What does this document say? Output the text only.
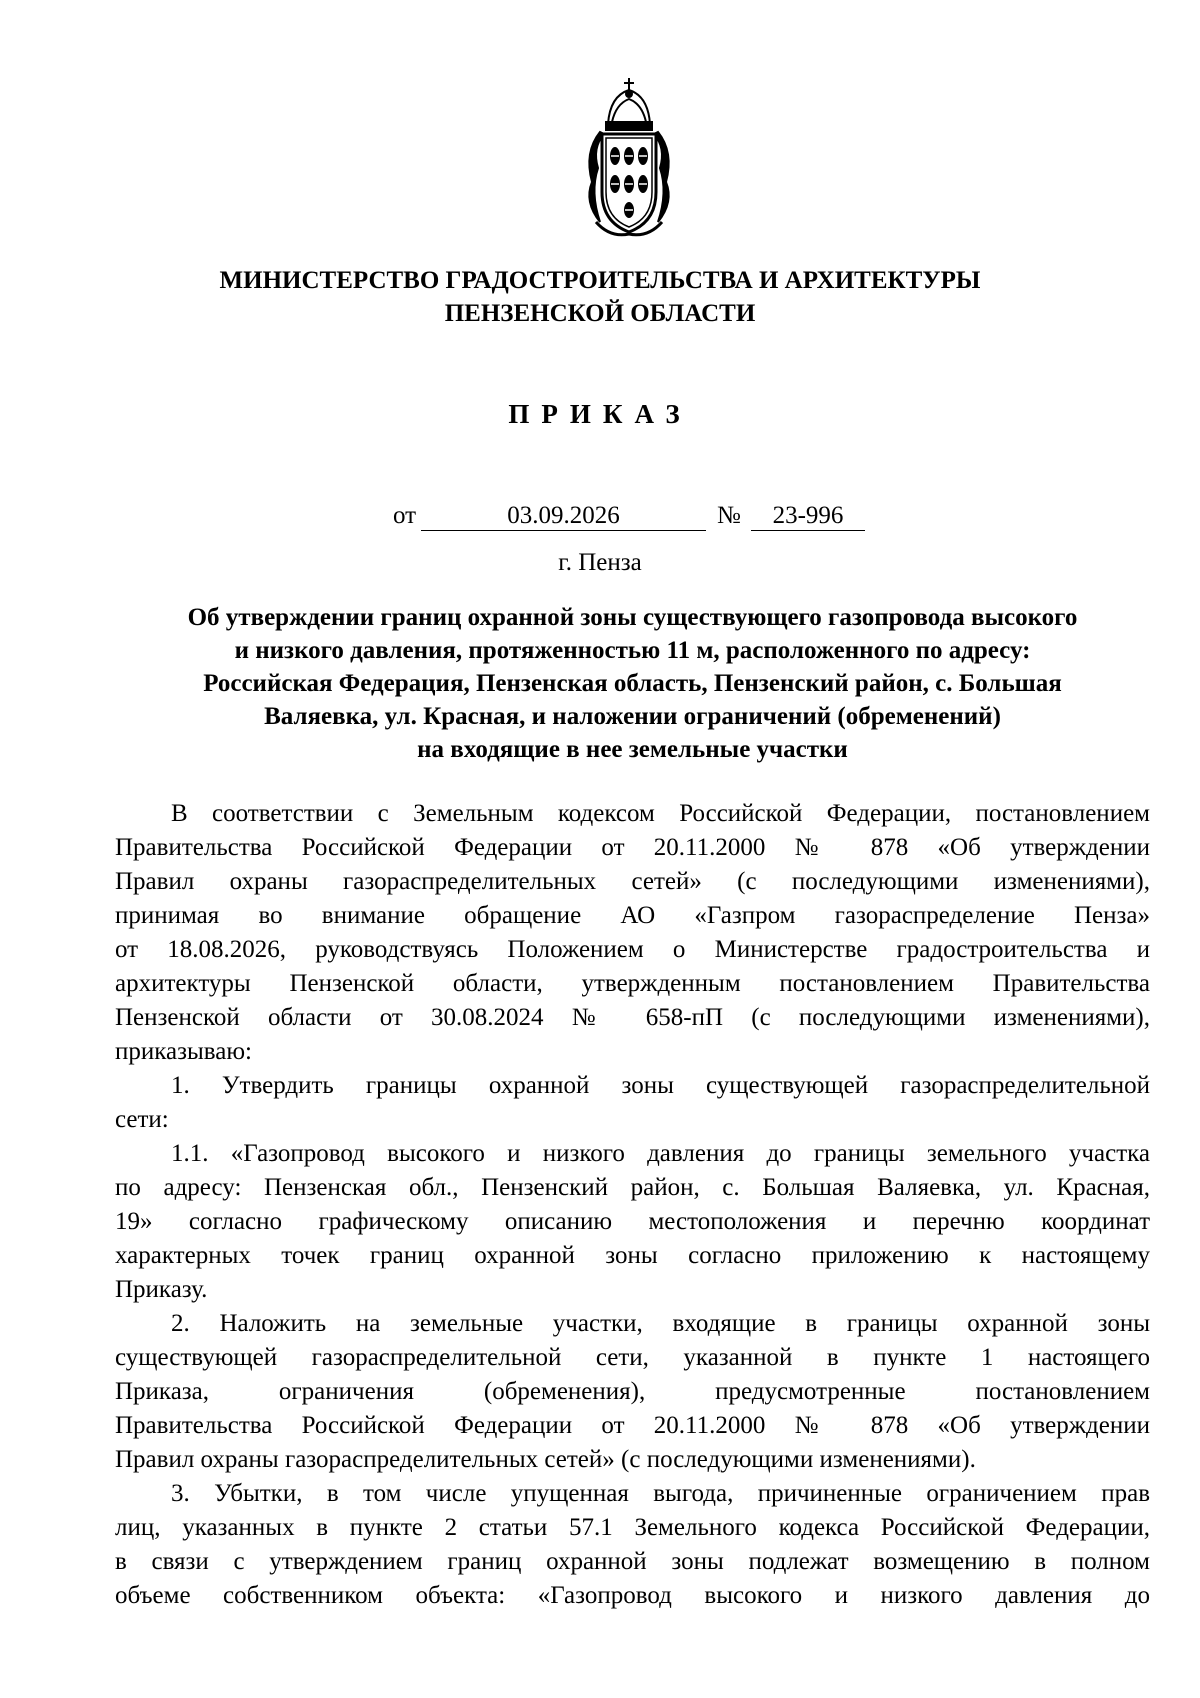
МИНИСТЕРСТВО ГРАДОСТРОИТЕЛЬСТВА И АРХИТЕКТУРЫ
ПЕНЗЕНСКОЙ ОБЛАСТИ
ПРИКАЗ
от	03.09.2026	№	23-996
г. Пенза
Об утверждении границ охранной зоны существующего газопровода высокого
и низкого давления, протяженностью 11 м, расположенного по адресу:
Российская Федерация, Пензенская область, Пензенский район, с. Большая
Валяевка, ул. Красная, и наложении ограничений (обременений)
на входящие в нее земельные участки
В соответствии с Земельным кодексом Российской Федерации, постановлением
Правительства Российской Федерации от 20.11.2000 № 878 «Об утверждении
Правил охраны газораспределительных сетей» (с последующими изменениями),
принимая во внимание обращение АО «Газпром газораспределение Пенза»
от 18.08.2026, руководствуясь Положением о Министерстве градостроительства и
архитектуры Пензенской области, утвержденным постановлением Правительства
Пензенской области от 30.08.2024 № 658-пП (с последующими изменениями),
приказываю:
1. Утвердить границы охранной зоны существующей газораспределительной
сети:
1.1. «Газопровод высокого и низкого давления до границы земельного участка
по адресу: Пензенская обл., Пензенский район, с. Большая Валяевка, ул. Красная,
19» согласно графическому описанию местоположения и перечню координат
характерных точек границ охранной зоны согласно приложению к настоящему
Приказу.
2. Наложить на земельные участки, входящие в границы охранной зоны
существующей газораспределительной сети, указанной в пункте 1 настоящего
Приказа, ограничения (обременения), предусмотренные постановлением
Правительства Российской Федерации от 20.11.2000 № 878 «Об утверждении
Правил охраны газораспределительных сетей» (с последующими изменениями).
3. Убытки, в том числе упущенная выгода, причиненные ограничением прав
лиц, указанных в пункте 2 статьи 57.1 Земельного кодекса Российской Федерации,
в связи с утверждением границ охранной зоны подлежат возмещению в полном
объеме собственником объекта: «Газопровод высокого и низкого давления до
